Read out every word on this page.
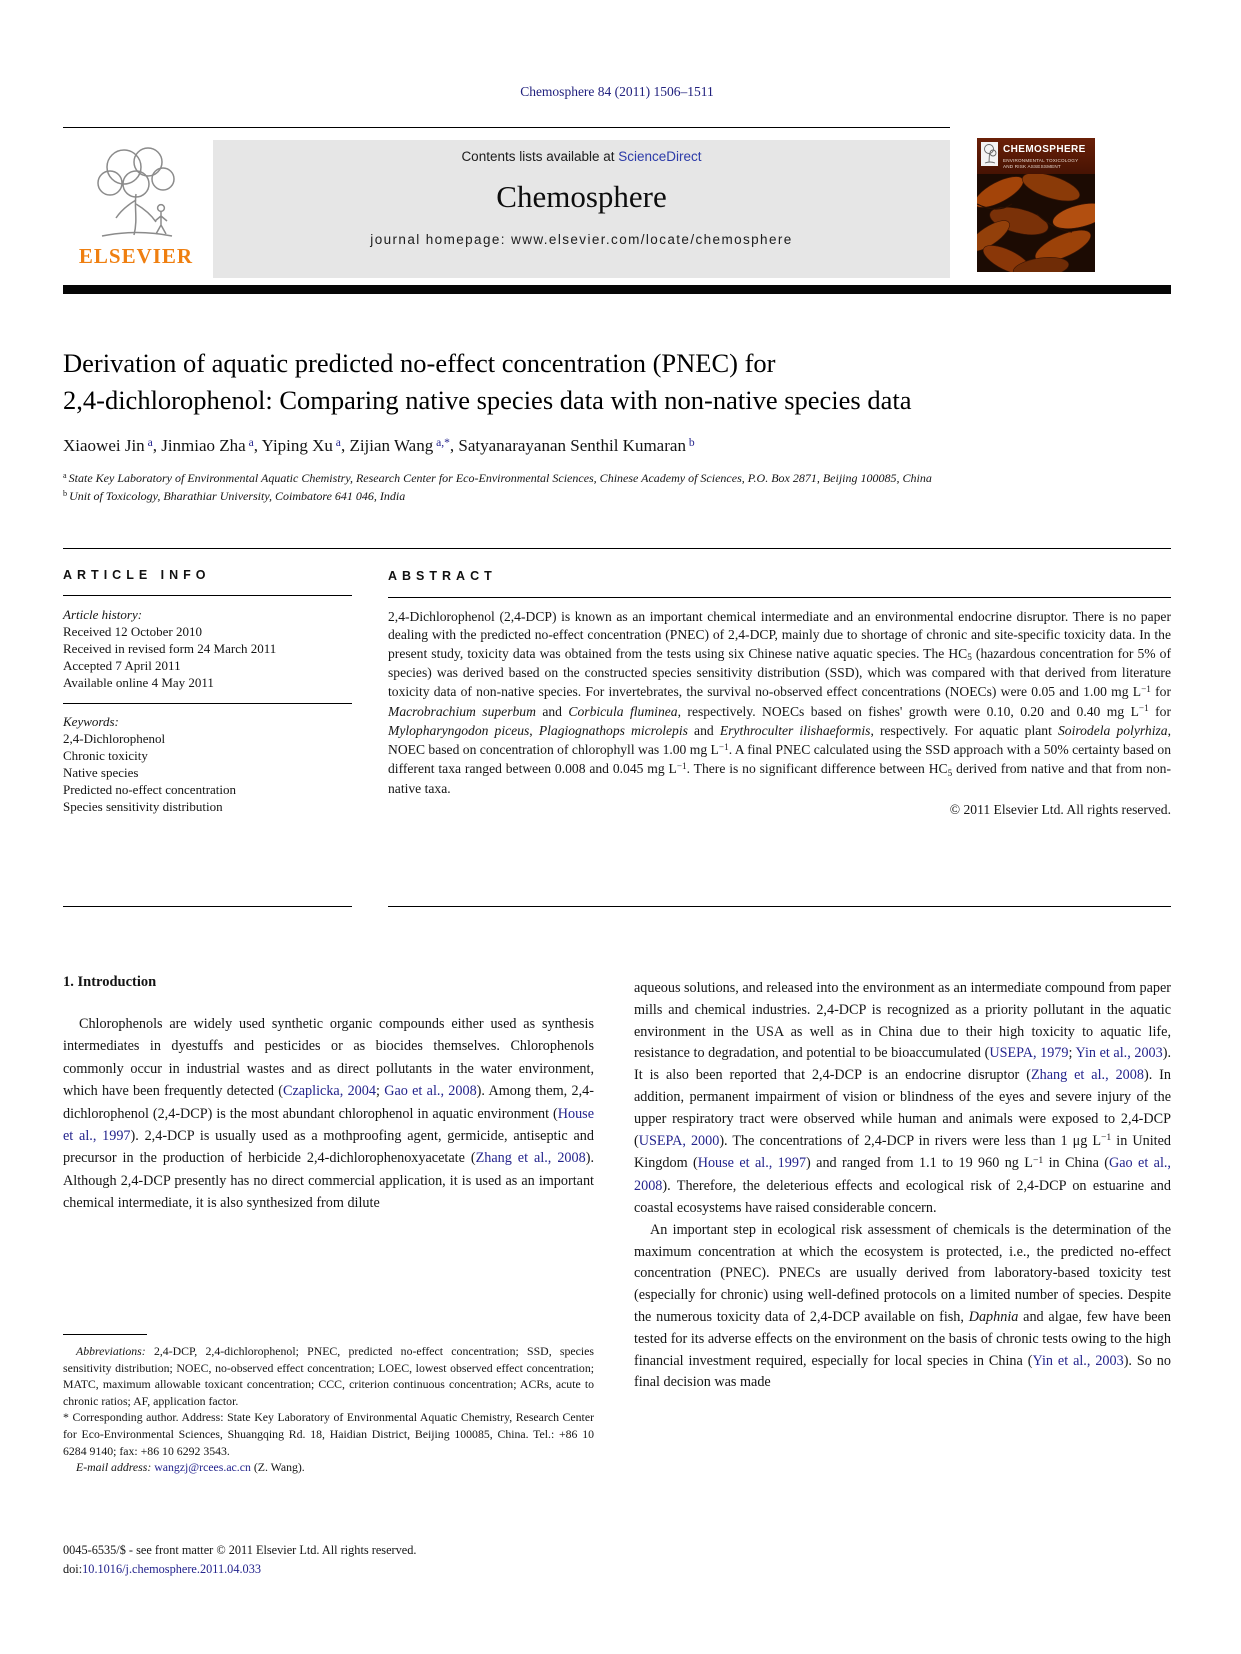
Chemosphere 84 (2011) 1506–1511
ELSEVIER
Contents lists available at ScienceDirect
Chemosphere
journal homepage: www.elsevier.com/locate/chemosphere
CHEMOSPHERE
ENVIRONMENTAL TOXICOLOGY
AND RISK ASSESSMENT
Derivation of aquatic predicted no-effect concentration (PNEC) for
2,4-dichlorophenol: Comparing native species data with non-native species data
Xiaowei Jin $^a$, Jinmiao Zha $^a$, Yiping Xu $^a$, Zijian Wang $^{a,*}$, Satyanarayanan Senthil Kumaran $^b$
$^a$ State Key Laboratory of Environmental Aquatic Chemistry, Research Center for Eco-Environmental Sciences, Chinese Academy of Sciences, P.O. Box 2871, Beijing 100085, China
$^b$ Unit of Toxicology, Bharathiar University, Coimbatore 641 046, India
ARTICLE INFO
Article history:
Received 12 October 2010
Received in revised form 24 March 2011
Accepted 7 April 2011
Available online 4 May 2011
Keywords:
2,4-Dichlorophenol
Chronic toxicity
Native species
Predicted no-effect concentration
Species sensitivity distribution
ABSTRACT
2,4-Dichlorophenol (2,4-DCP) is known as an important chemical intermediate and an environmental endocrine disruptor. There is no paper dealing with the predicted no-effect concentration (PNEC) of 2,4-DCP, mainly due to shortage of chronic and site-specific toxicity data. In the present study, toxicity data was obtained from the tests using six Chinese native aquatic species. The HC5 (hazardous concentration for 5% of species) was derived based on the constructed species sensitivity distribution (SSD), which was compared with that derived from literature toxicity data of non-native species. For invertebrates, the survival no-observed effect concentrations (NOECs) were 0.05 and 1.00 mg $L^{-1}$ for Macrobrachium superbum and Corbicula fluminea, respectively. NOECs based on fishes' growth were 0.10, 0.20 and 0.40 mg $L^{-1}$ for Mylopharyngodon piceus, Plagiognathops microlepis and Erythroculter ilishaeformis, respectively. For aquatic plant Soirodela polyrhiza, NOEC based on concentration of chlorophyll was 1.00 mg $L^{-1}$. A final PNEC calculated using the SSD approach with a 50% certainty based on different taxa ranged between 0.008 and 0.045 mg $L^{-1}$. There is no significant difference between HC5 derived from native and that from non-native taxa.
© 2011 Elsevier Ltd. All rights reserved.
1. Introduction

Chlorophenols are widely used synthetic organic compounds either used as synthesis intermediates in dyestuffs and pesticides or as biocides themselves. Chlorophenols commonly occur in industrial wastes and as direct pollutants in the water environment, which have been frequently detected (Czaplicka, 2004; Gao et al., 2008). Among them, 2,4-dichlorophenol (2,4-DCP) is the most abundant chlorophenol in aquatic environment (House et al., 1997). 2,4-DCP is usually used as a mothproofing agent, germicide, antiseptic and precursor in the production of herbicide 2,4-dichlorophenoxyacetate (Zhang et al., 2008). Although 2,4-DCP presently has no direct commercial application, it is used as an important chemical intermediate, it is also synthesized from dilute

aqueous solutions, and released into the environment as an intermediate compound from paper mills and chemical industries. 2,4-DCP is recognized as a priority pollutant in the aquatic environment in the USA as well as in China due to their high toxicity to aquatic life, resistance to degradation, and potential to be bioaccumulated (USEPA, 1979; Yin et al., 2003). It is also been reported that 2,4-DCP is an endocrine disruptor (Zhang et al., 2008). In addition, permanent impairment of vision or blindness of the eyes and severe injury of the upper respiratory tract were observed while human and animals were exposed to 2,4-DCP (USEPA, 2000). The concentrations of 2,4-DCP in rivers were less than 1 μg $L^{-1}$ in United Kingdom (House et al., 1997) and ranged from 1.1 to 19 960 ng $L^{-1}$ in China (Gao et al., 2008). Therefore, the deleterious effects and ecological risk of 2,4-DCP on estuarine and coastal ecosystems have raised considerable concern.

An important step in ecological risk assessment of chemicals is the determination of the maximum concentration at which the ecosystem is protected, i.e., the predicted no-effect concentration (PNEC). PNECs are usually derived from laboratory-based toxicity test (especially for chronic) using well-defined protocols on a limited number of species. Despite the numerous toxicity data of 2,4-DCP available on fish, Daphnia and algae, few have been tested for its adverse effects on the environment on the basis of chronic tests owing to the high financial investment required, especially for local species in China (Yin et al., 2003). So no final decision was made

Abbreviations: 2,4-DCP, 2,4-dichlorophenol; PNEC, predicted no-effect concentration; SSD, species sensitivity distribution; NOEC, no-observed effect concentration; LOEC, lowest observed effect concentration; MATC, maximum allowable toxicant concentration; CCC, criterion continuous concentration; ACRs, acute to chronic ratios; AF, application factor.

* Corresponding author. Address: State Key Laboratory of Environmental Aquatic Chemistry, Research Center for Eco-Environmental Sciences, Shuangqing Rd. 18, Haidian District, Beijing 100085, China. Tel.: +86 10 6284 9140; fax: +86 10 6292 3543.

E-mail address: wangzj@rcees.ac.cn (Z. Wang).

0045-6535/$ - see front matter © 2011 Elsevier Ltd. All rights reserved.
doi:10.1016/j.chemosphere.2011.04.033
